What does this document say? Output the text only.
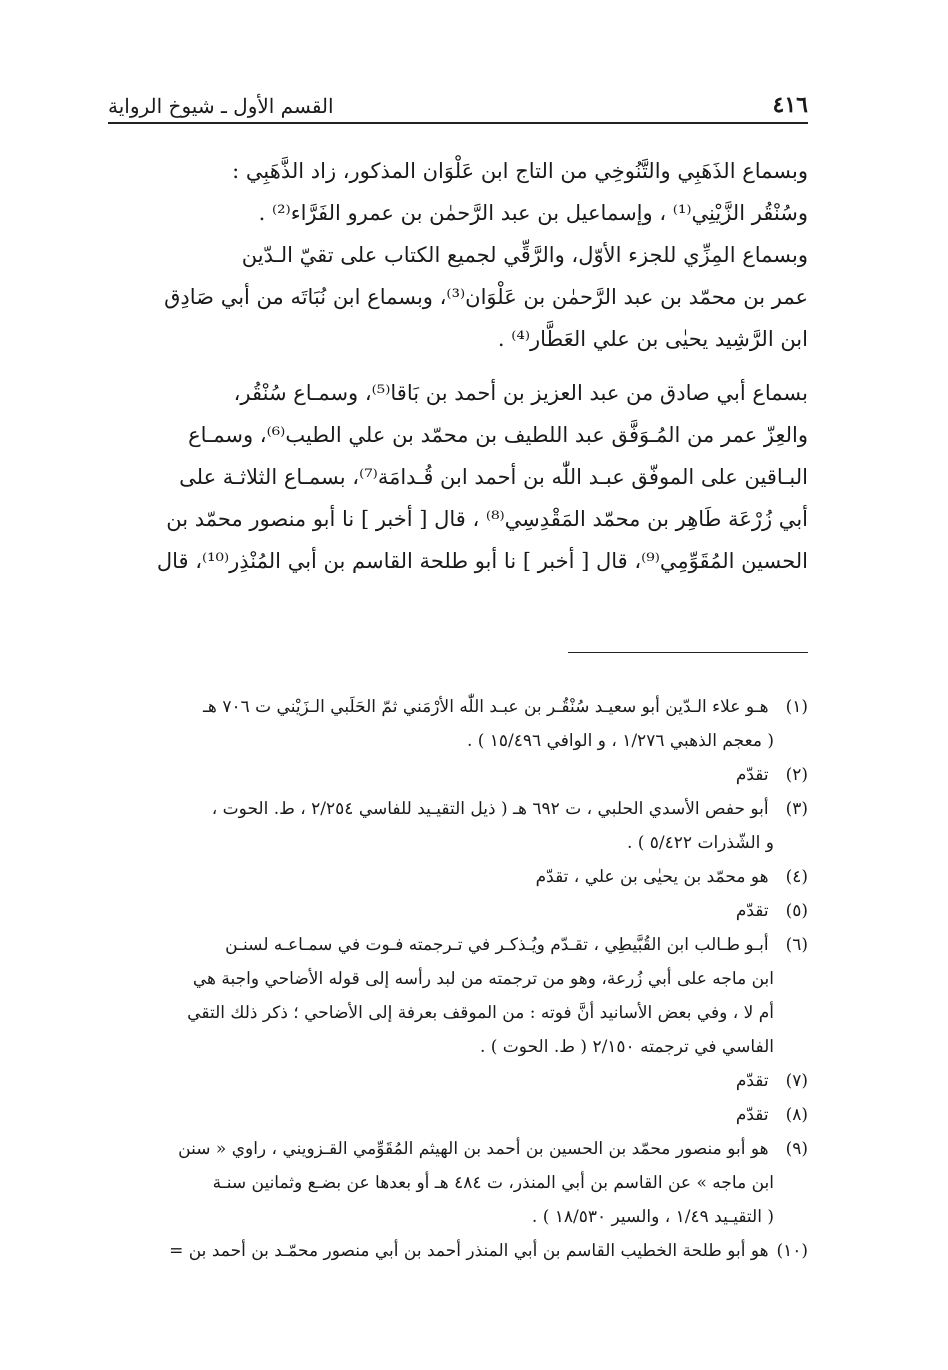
القسم الأول ـ شيوخ الرواية	٤١٦

وبسماع الذَهَبِي والتَّنُوخِي من التاج ابن عَلْوَان المذكور، زاد الذَّهَبِي :

وسُنْقُر الزَّيْنِي⁽¹⁾ ، وإسماعيل بن عبد الرَّحمٰن بن عمرو الفَرَّاء⁽²⁾ .

وبسماع المِزِّي للجزء الأوّل، والرَّقِّي لجميع الكتاب على تقيّ الـدّين

عمر بن محمّد بن عبد الرَّحمٰن بن عَلْوَان⁽³⁾، وبسماع ابن نُبَاتَه من أبي صَادِق

ابن الرَّشِيد يحيٰى بن علي العَطَّار⁽⁴⁾ .

بسماع أبي صادق من عبد العزيز بن أحمد بن بَاقا⁽⁵⁾، وسمـاع سُنْقُر،

والعِزّ عمر من المُـوَفَّق عبد اللطيف بن محمّد بن علي الطيب⁽⁶⁾، وسمـاع

البـاقين على الموفّق عبـد اللّٰه بن أحمد ابن قُـدامَة⁽⁷⁾، بسمـاع الثلاثـة على

أبي زُرْعَة طَاهِر بن محمّد المَقْدِسِي⁽⁸⁾ ، قال [ أخبر ] نا أبو منصور محمّد بن

الحسين المُقَوِّمِي⁽⁹⁾، قال [ أخبر ] نا أبو طلحة القاسم بن أبي المُنْذِر⁽¹⁰⁾، قال

(١) هـو علاء الـدّين أبو سعيـد سُنْقُـر بن عبـد اللّٰه الأرْمَني ثمّ الحَلَبي الـزَيْني ت ٧٠٦ هـ
( معجم الذهبي ١/٢٧٦ ، و الوافي ١٥/٤٩٦ ) .
(٢) تقدّم
(٣) أبو حفص الأسدي الحلبي ، ت ٦٩٢ هـ ( ذيل التقيـيد للفاسي ٢/٢٥٤ ، ط. الحوت ،
و الشّذرات ٥/٤٢٢ ) .
(٤) هو محمّد بن يحيٰى بن علي ، تقدّم
(٥) تقدّم
(٦) أبـو طـالب ابن القُبَّيطِي ، تقـدّم ويُـذكـر في تـرجمته فـوت في سمـاعـه لسنـن
ابن ماجه على أبي زُرعة، وهو من ترجمته من لبد رأسه إلى قوله الأضاحي واجبة هي
أم لا ، وفي بعض الأسانيد أنَّ فوته : من الموقف بعرفة إلى الأضاحي ؛ ذكر ذلك التقي
الفاسي في ترجمته ٢/١٥٠ ( ط. الحوت ) .
(٧) تقدّم
(٨) تقدّم
(٩) هو أبو منصور محمّد بن الحسين بن أحمد بن الهيثم المُقَوِّمي القـزويني ، راوي « سنن
ابن ماجه » عن القاسم بن أبي المنذر، ت ٤٨٤ هـ أو بعدها عن بضـع وثمانين سنـة
( التقيـيد ١/٤٩ ، والسير ١٨/٥٣٠ ) .
(١٠) هو أبو طلحة الخطيب القاسم بن أبي المنذر أحمد بن أبي منصور محمّـد بن أحمد بن =
